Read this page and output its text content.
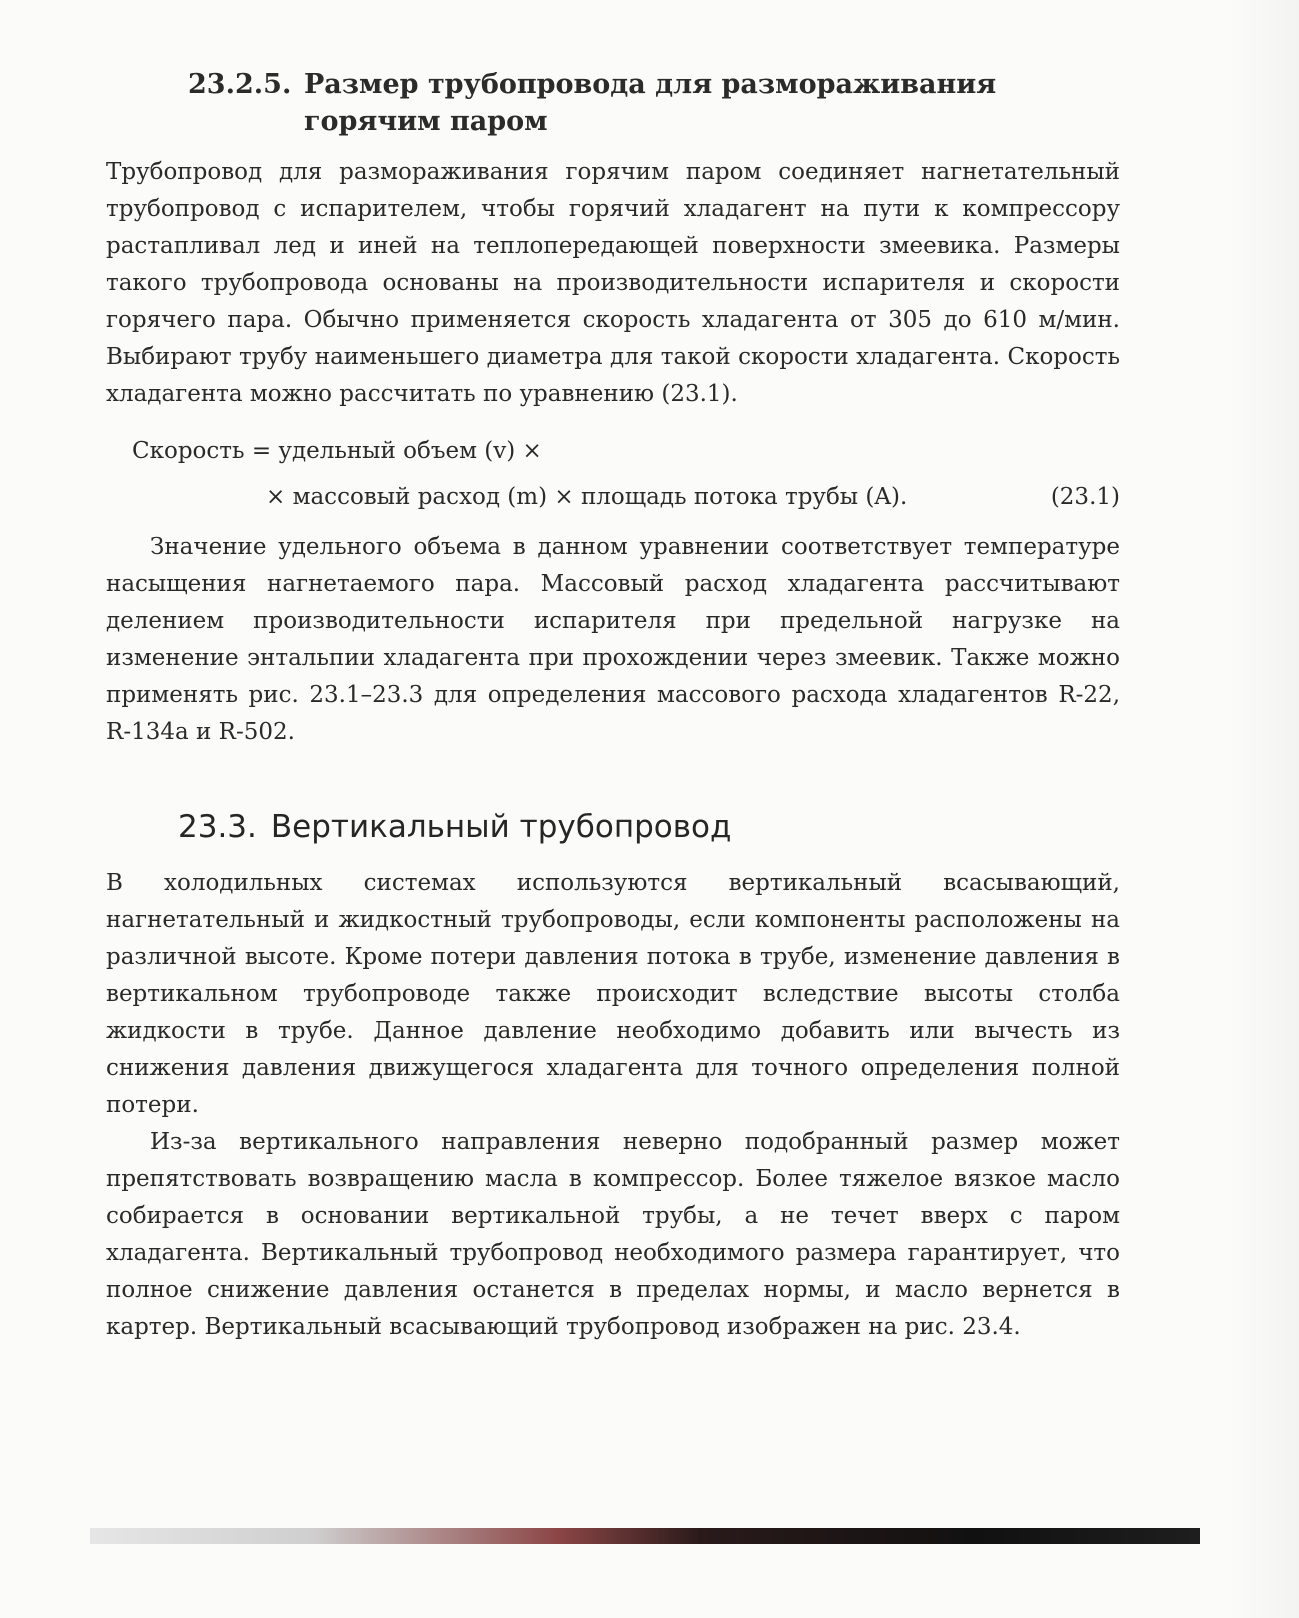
23.2.5. Размер трубопровода для размораживания горячим паром

Трубопровод для размораживания горячим паром соединяет нагнетательный трубопровод с испарителем, чтобы горячий хладагент на пути к компрессору растапливал лед и иней на теплопередающей поверхности змеевика. Размеры такого трубопровода основаны на производительности испарителя и скорости горячего пара. Обычно применяется скорость хладагента от 305 до 610 м/мин. Выбирают трубу наименьшего диаметра для такой скорости хладагента. Скорость хладагента можно рассчитать по уравнению (23.1).

Скорость = удельный объем (v) ×
× массовый расход (m) × площадь потока трубы (A).	(23.1)

Значение удельного объема в данном уравнении соответствует температуре насыщения нагнетаемого пара. Массовый расход хладагента рассчитывают делением производительности испарителя при предельной нагрузке на изменение энтальпии хладагента при прохождении через змеевик. Также можно применять рис. 23.1–23.3 для определения массового расхода хладагентов R-22, R-134a и R-502.

23.3. Вертикальный трубопровод

В холодильных системах используются вертикальный всасывающий, нагнетательный и жидкостный трубопроводы, если компоненты расположены на различной высоте. Кроме потери давления потока в трубе, изменение давления в вертикальном трубопроводе также происходит вследствие высоты столба жидкости в трубе. Данное давление необходимо добавить или вычесть из снижения давления движущегося хладагента для точного определения полной потери.

Из-за вертикального направления неверно подобранный размер может препятствовать возвращению масла в компрессор. Более тяжелое вязкое масло собирается в основании вертикальной трубы, а не течет вверх с паром хладагента. Вертикальный трубопровод необходимого размера гарантирует, что полное снижение давления останется в пределах нормы, и масло вернется в картер. Вертикальный всасывающий трубопровод изображен на рис. 23.4.
